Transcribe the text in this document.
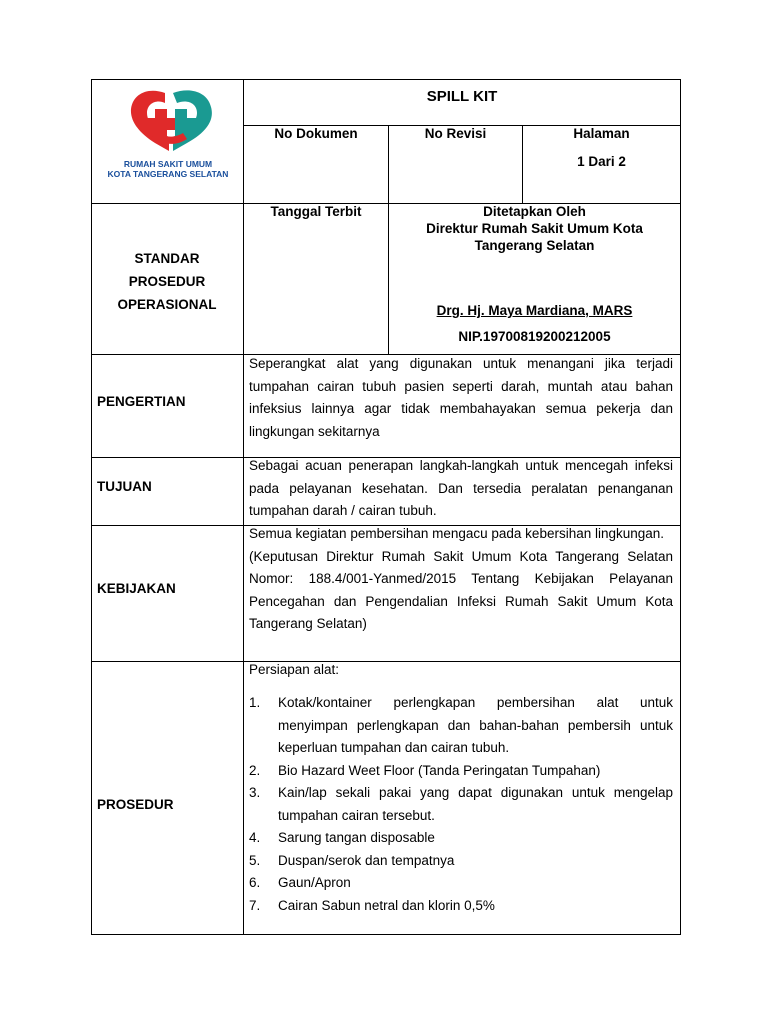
RUMAH SAKIT UMUM
KOTA TANGERANG SELATAN
SPILL KIT
No Dokumen	No Revisi	Halaman
1 Dari 2
STANDAR
PROSEDUR
OPERASIONAL
Tanggal Terbit	Ditetapkan Oleh
Direktur Rumah Sakit Umum Kota
Tangerang Selatan
Drg. Hj. Maya Mardiana, MARS
NIP.19700819200212005
PENGERTIAN
Seperangkat alat yang digunakan untuk menangani jika terjadi tumpahan cairan tubuh pasien seperti darah, muntah atau bahan infeksius lainnya agar tidak membahayakan semua pekerja dan lingkungan sekitarnya
TUJUAN
Sebagai acuan penerapan langkah-langkah untuk mencegah infeksi pada pelayanan kesehatan. Dan tersedia peralatan penanganan tumpahan darah / cairan tubuh.
KEBIJAKAN
Semua kegiatan pembersihan mengacu pada kebersihan lingkungan.
(Keputusan Direktur Rumah Sakit Umum Kota Tangerang Selatan Nomor: 188.4/001-Yanmed/2015 Tentang Kebijakan Pelayanan Pencegahan dan Pengendalian Infeksi Rumah Sakit Umum Kota Tangerang Selatan)
PROSEDUR
Persiapan alat:
1. Kotak/kontainer perlengkapan pembersihan alat untuk menyimpan perlengkapan dan bahan-bahan pembersih untuk keperluan tumpahan dan cairan tubuh.
2. Bio Hazard Weet Floor (Tanda Peringatan Tumpahan)
3. Kain/lap sekali pakai yang dapat digunakan untuk mengelap tumpahan cairan tersebut.
4. Sarung tangan disposable
5. Duspan/serok dan tempatnya
6. Gaun/Apron
7. Cairan Sabun netral dan klorin 0,5%
